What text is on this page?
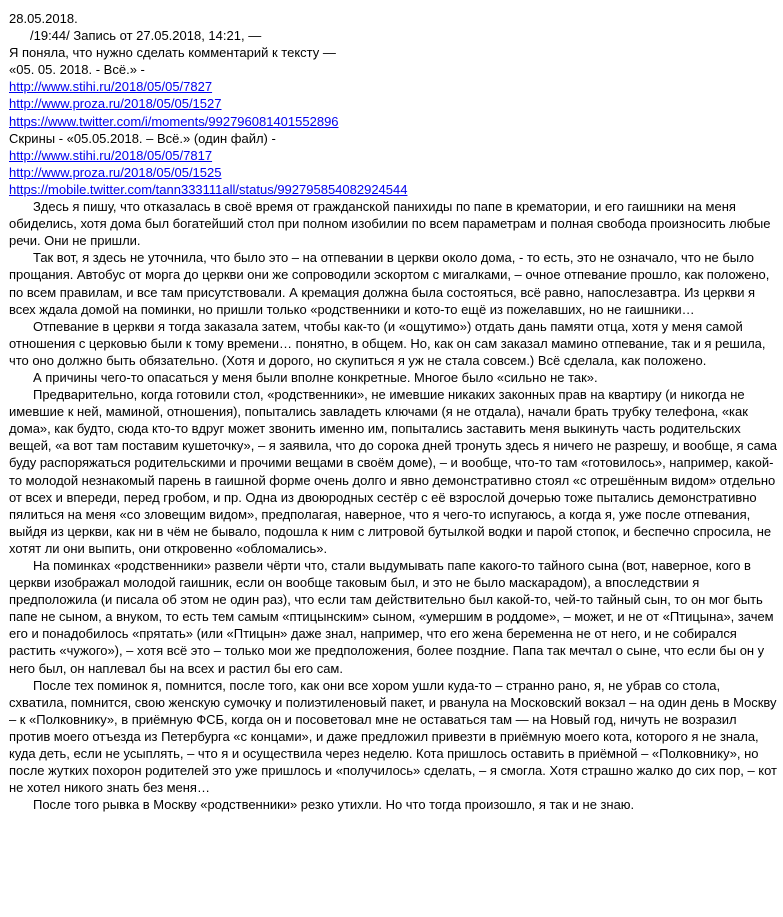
28.05.2018.
/19:44/ Запись от 27.05.2018, 14:21, —
Я поняла, что нужно сделать комментарий к тексту —
«05. 05. 2018. - Всё.» -
http://www.stihi.ru/2018/05/05/7827
http://www.proza.ru/2018/05/05/1527
https://www.twitter.com/i/moments/992796081401552896
Скрины - «05.05.2018. – Всё.» (один файл) -
http://www.stihi.ru/2018/05/05/7817
http://www.proza.ru/2018/05/05/1525
https://mobile.twitter.com/tann333111all/status/992795854082924544

Здесь я пишу, что отказалась в своё время от гражданской панихиды по папе в крематории, и его гаишники на меня обиделись, хотя дома был богатейший стол при полном изобилии по всем параметрам и полная свобода произносить любые речи. Они не пришли.

Так вот, я здесь не уточнила, что было это – на отпевании в церкви около дома, - то есть, это не означало, что не было прощания. Автобус от морга до церкви они же сопроводили эскортом с мигалками, – очное отпевание прошло, как положено, по всем правилам, и все там присутствовали. А кремация должна была состояться, всё равно, напослезавтра. Из церкви я всех ждала домой на поминки, но пришли только «родственники и кото-то ещё из пожелавших, но не гаишники…

Отпевание в церкви я тогда заказала затем, чтобы как-то (и «ощутимо») отдать дань памяти отца, хотя у меня самой отношения с церковью были к тому времени… понятно, в общем. Но, как он сам заказал мамино отпевание, так и я решила, что оно должно быть обязательно. (Хотя и дорого, но скупиться я уж не стала совсем.) Всё сделала, как положено.

А причины чего-то опасаться у меня были вполне конкретные. Многое было «сильно не так».

Предварительно, когда готовили стол, «родственники», не имевшие никаких законных прав на квартиру (и никогда не имевшие к ней, маминой, отношения), попытались завладеть ключами (я не отдала), начали брать трубку телефона, «как дома», как будто, сюда кто-то вдруг может звонить именно им, попытались заставить меня выкинуть часть родительских вещей, «а вот там поставим кушеточку», – я заявила, что до сорока дней тронуть здесь я ничего не разрешу, и вообще, я сама буду распоряжаться родительскими и прочими вещами в своём доме), – и вообще, что-то там «готовилось», например, какой-то молодой незнакомый парень в гаишной форме очень долго и явно демонстративно стоял «с отрешённым видом» отдельно от всех и впереди, перед гробом, и пр. Одна из двоюродных сестёр с её взрослой дочерью тоже пытались демонстративно пялиться на меня «со зловещим видом», предполагая, наверное, что я чего-то испугаюсь, а когда я, уже после отпевания, выйдя из церкви, как ни в чём не бывало, подошла к ним с литровой бутылкой водки и парой стопок, и беспечно спросила, не хотят ли они выпить, они откровенно «обломались».

На поминках «родственники» развели чёрти что, стали выдумывать папе какого-то тайного сына (вот, наверное, кого в церкви изображал молодой гаишник, если он вообще таковым был, и это не было маскарадом), а впоследствии я предположила (и писала об этом не один раз), что если там действительно был какой-то, чей-то тайный сын, то он мог быть папе не сыном, а внуком, то есть тем самым «птицынским» сыном, «умершим в роддоме», – может, и не от «Птицына», зачем его и понадобилось «прятать» (или «Птицын» даже знал, например, что его жена беременна не от него, и не собирался растить «чужого»), – хотя всё это – только мои же предположения, более поздние. Папа так мечтал о сыне, что если бы он у него был, он наплевал бы на всех и растил бы его сам.

После тех поминок я, помнится, после того, как они все хором ушли куда-то – странно рано, я, не убрав со стола, схватила, помнится, свою женскую сумочку и полиэтиленовый пакет, и рванула на Московский вокзал – на один день в Москву – к «Полковнику», в приёмную ФСБ, когда он и посоветовал мне не оставаться там — на Новый год, ничуть не возразил против моего отъезда из Петербурга «с концами», и даже предложил привезти в приёмную моего кота, которого я не знала, куда деть, если не усыплять, – что я и осуществила через неделю. Кота пришлось оставить в приёмной – «Полковнику», но после жутких похорон родителей это уже пришлось и «получилось» сделать, – я смогла. Хотя страшно жалко до сих пор, – кот не хотел никого знать без меня…

После того рывка в Москву «родственники» резко утихли. Но что тогда произошло, я так и не знаю.
